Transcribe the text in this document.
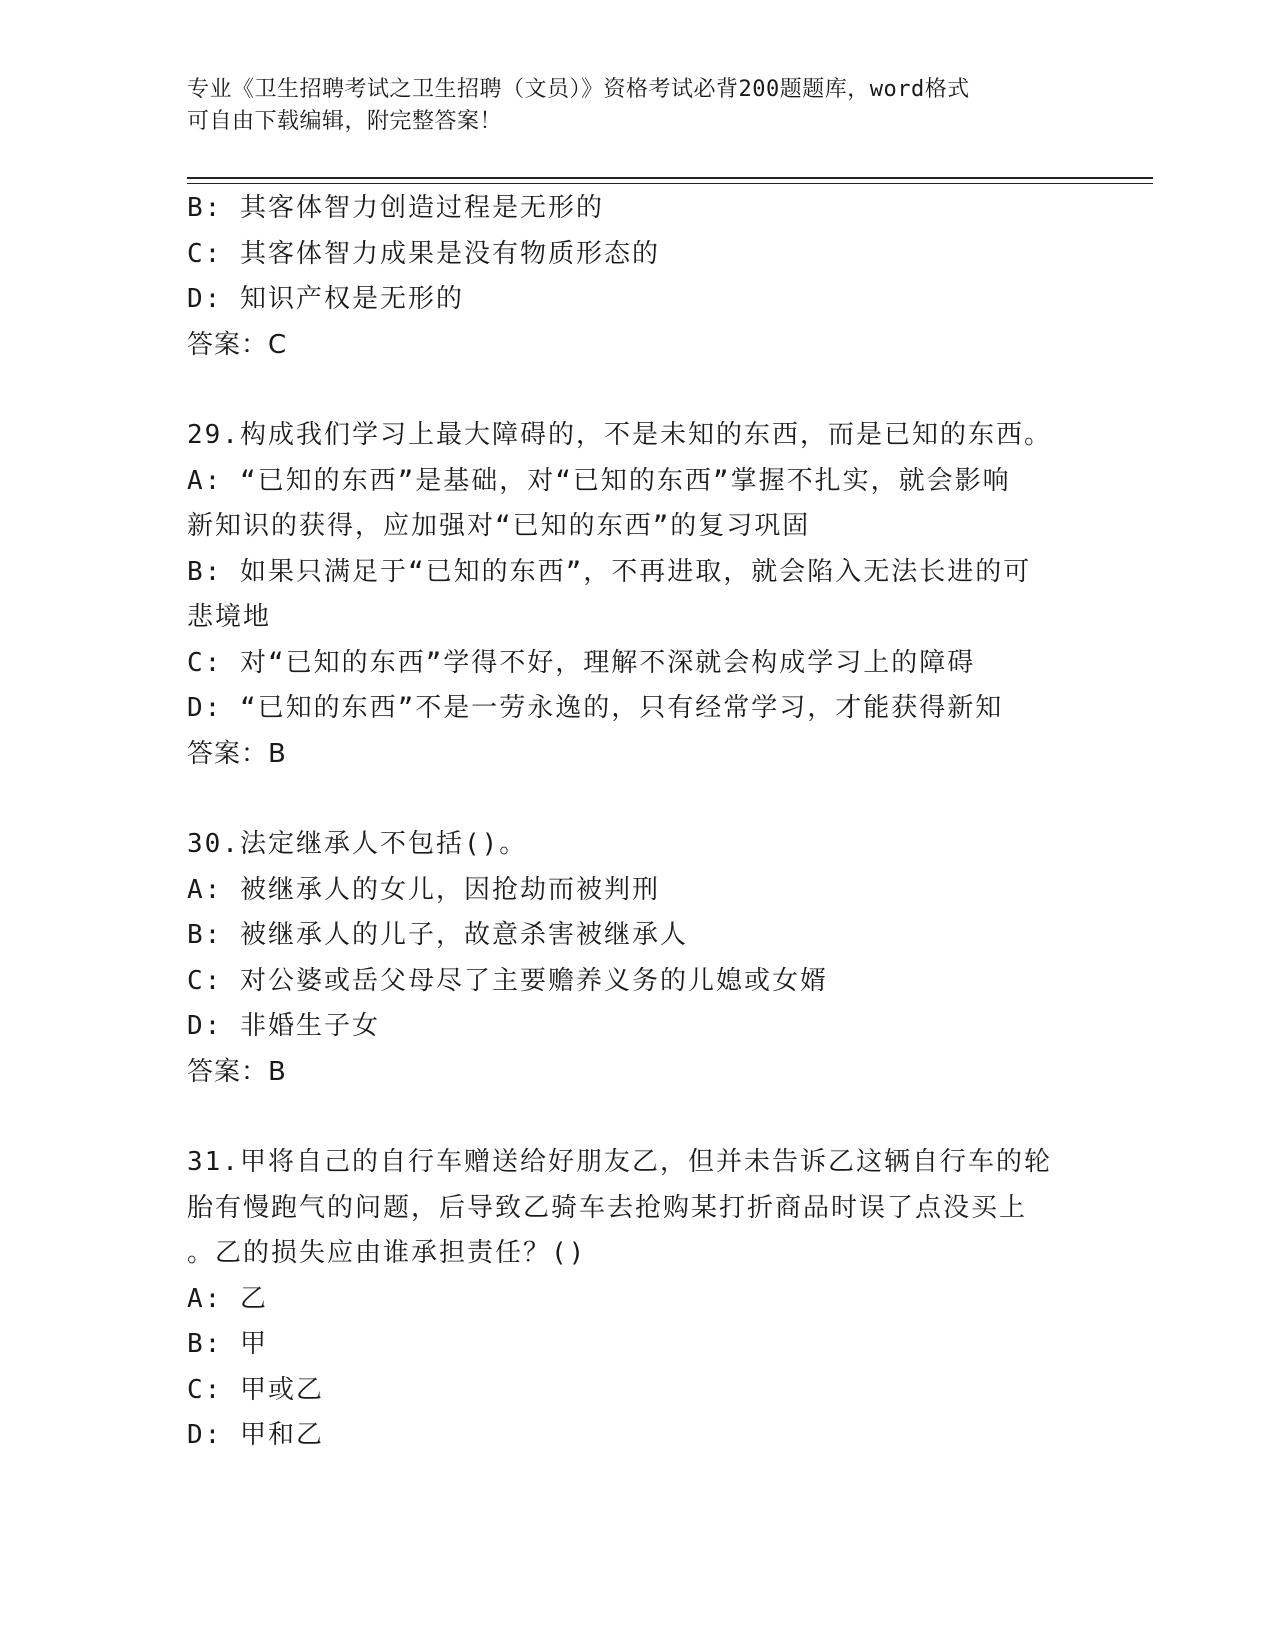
专业《卫生招聘考试之卫生招聘（文员）》资格考试必背200题题库，word格式
可自由下载编辑，附完整答案！
B: 其客体智力创造过程是无形的
C: 其客体智力成果是没有物质形态的
D: 知识产权是无形的
答案：C
29.构成我们学习上最大障碍的，不是未知的东西，而是已知的东西。
A: “已知的东西”是基础，对“已知的东西”掌握不扎实，就会影响
新知识的获得，应加强对“已知的东西”的复习巩固
B: 如果只满足于“已知的东西”，不再进取，就会陷入无法长进的可
悲境地
C: 对“已知的东西”学得不好，理解不深就会构成学习上的障碍
D: “已知的东西”不是一劳永逸的，只有经常学习，才能获得新知
答案：B
30.法定继承人不包括()。
A: 被继承人的女儿，因抢劫而被判刑
B: 被继承人的儿子，故意杀害被继承人
C: 对公婆或岳父母尽了主要赡养义务的儿媳或女婿
D: 非婚生子女
答案：B
31.甲将自己的自行车赠送给好朋友乙，但并未告诉乙这辆自行车的轮
胎有慢跑气的问题，后导致乙骑车去抢购某打折商品时误了点没买上
。乙的损失应由谁承担责任？()
A: 乙
B: 甲
C: 甲或乙
D: 甲和乙
